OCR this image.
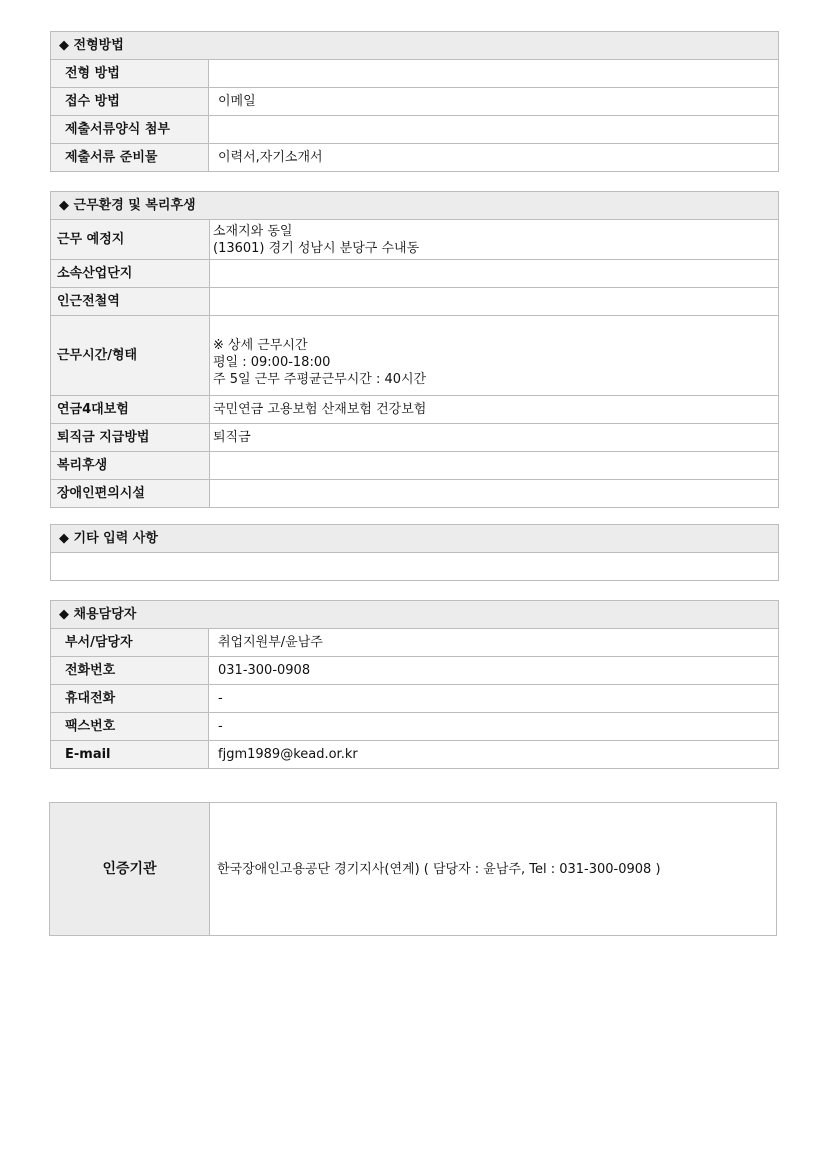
◆ 전형방법	
전형 방법	
접수 방법	이메일
제출서류양식 첨부	
제출서류 준비물	이력서,자기소개서
◆ 근무환경 및 복리후생	
근무 예정지	소재지와 동일
(13601) 경기 성남시 분당구 수내동

소속산업단지	
인근전철역	
근무시간/형태	※ 상세 근무시간
평일 : 09:00-18:00
주 5일 근무 주평균근무시간 : 40시간

연금4대보험	국민연금 고용보험 산재보험 건강보험
퇴직금 지급방법	퇴직금
복리후생	
장애인편의시설	
◆ 기타 입력 사항

◆ 채용담당자	
부서/담당자	취업지원부/윤남주
전화번호	031-300-0908
휴대전화	-
팩스번호	-
E-mail	fjgm1989@kead.or.kr
인증기관	한국장애인고용공단 경기지사(연계) ( 담당자 : 윤남주, Tel : 031-300-0908 )
